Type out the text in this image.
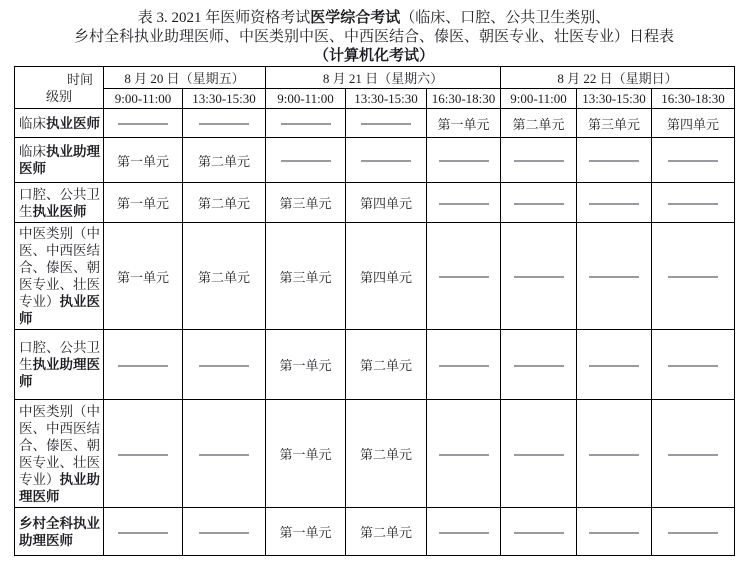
表 3. 2021 年医师资格考试医学综合考试（临床、口腔、公共卫生类别、
乡村全科执业助理医师、中医类别中医、中西医结合、傣医、朝医专业、壮医专业）日程表
（计算机化考试）
时间
级别	8 月 20 日（星期五）		8 月 21 日（星期六）			8 月 22 日（星期日）		
	9:00-11:00	13:30-15:30	9:00-11:00	13:30-15:30	16:30-18:30	9:00-11:00	13:30-15:30	16:30-18:30
临床执业医师					第一单元	第二单元	第三单元	第四单元
临床执业助理医师	第一单元	第二单元						
口腔、公共卫生执业医师	第一单元	第二单元	第三单元	第四单元				
中医类别（中医、中西医结合、傣医、朝医专业、壮医专业）执业医师	第一单元	第二单元	第三单元	第四单元				
口腔、公共卫生执业助理医师			第一单元	第二单元				
中医类别（中医、中西医结合、傣医、朝医专业、壮医专业）执业助理医师			第一单元	第二单元				
乡村全科执业助理医师			第一单元	第二单元				
